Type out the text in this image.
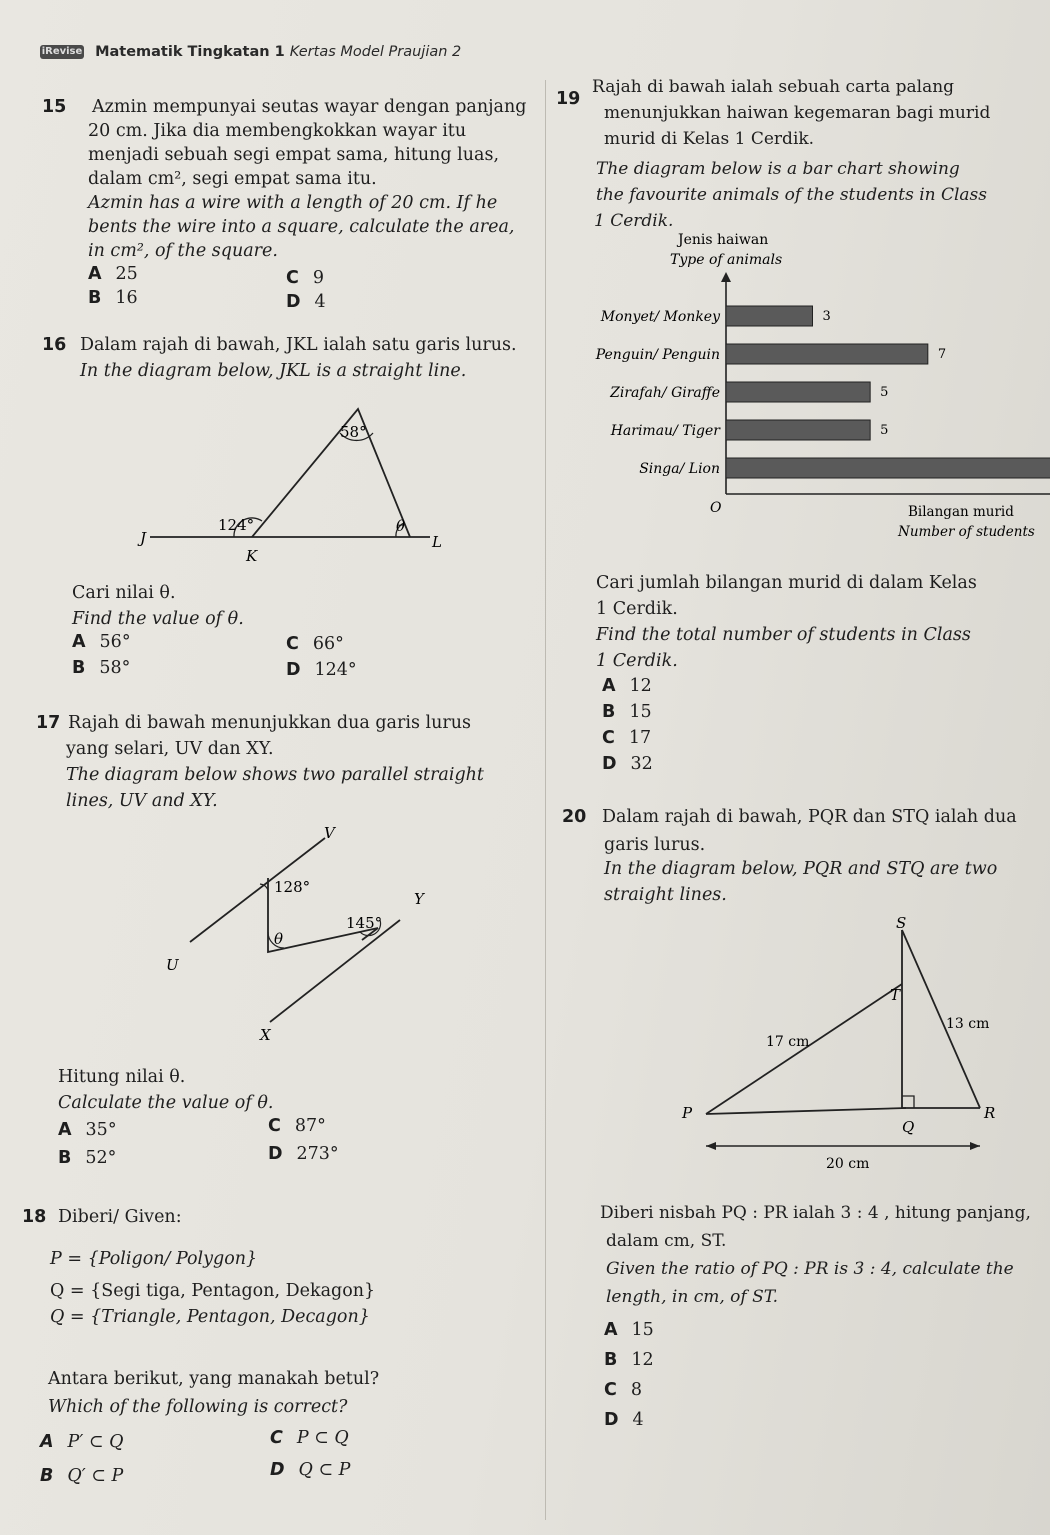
iRevise Matematik Tingkatan 1 Kertas Model Praujian 2
15 Azmin mempunyai seutas wayar dengan panjang
20 cm. Jika dia membengkokkan wayar itu
menjadi sebuah segi empat sama, hitung luas,
dalam cm², segi empat sama itu.
Azmin has a wire with a length of 20 cm. If he
bents the wire into a square, calculate the area,
in cm², of the square.
A 25
B 16
C 9
D 4
16 Dalam rajah di bawah, JKL ialah satu garis lurus.
In the diagram below, JKL is a straight line.
58°
124°	θ
J
K
L
Cari nilai θ.
Find the value of θ.
A 56°
B 58°
C 66°
D 124°
17 Rajah di bawah menunjukkan dua garis lurus
yang selari, UV dan XY.
The diagram below shows two parallel straight
lines, UV and XY.
128°
145°
θ
V
U
Y
X
Hitung nilai θ.
Calculate the value of θ.
A 35°
B 52°
C 87°
D 273°
18 Diberi/ Given:
P = {Poligon/ Polygon}
Q = {Segi tiga, Pentagon, Dekagon}
Q = {Triangle, Pentagon, Decagon}
Antara berikut, yang manakah betul?
Which of the following is correct?
A P′ ⊂ Q
B Q′ ⊂ P
C P ⊂ Q
D Q ⊂ P
19
Rajah di bawah ialah sebuah carta palang
menunjukkan haiwan kegemaran bagi murid
murid di Kelas 1 Cerdik.
The diagram below is a bar chart showing
the favourite animals of the students in Class
1 Cerdik.
Jenis haiwan
Type of animals
Monyet/ Monkey	3
Penguin/ Penguin	7
Zirafah/ Giraffe	5
Harimau/ Tiger	5
Singa/ Lion
O	Bilangan murid
Number of students
Cari jumlah bilangan murid di dalam Kelas
1 Cerdik.
Find the total number of students in Class
1 Cerdik.
A 12
B 15
C 17
D 32
20 Dalam rajah di bawah, PQR dan STQ ialah dua
garis lurus.
In the diagram below, PQR and STQ are two
straight lines.
S
T
P
Q
R
17 cm
13 cm
20 cm
Diberi nisbah PQ : PR ialah 3 : 4 , hitung panjang,
dalam cm, ST.
Given the ratio of PQ : PR is 3 : 4, calculate the
length, in cm, of ST.
A 15
B 12
C 8
D 4
